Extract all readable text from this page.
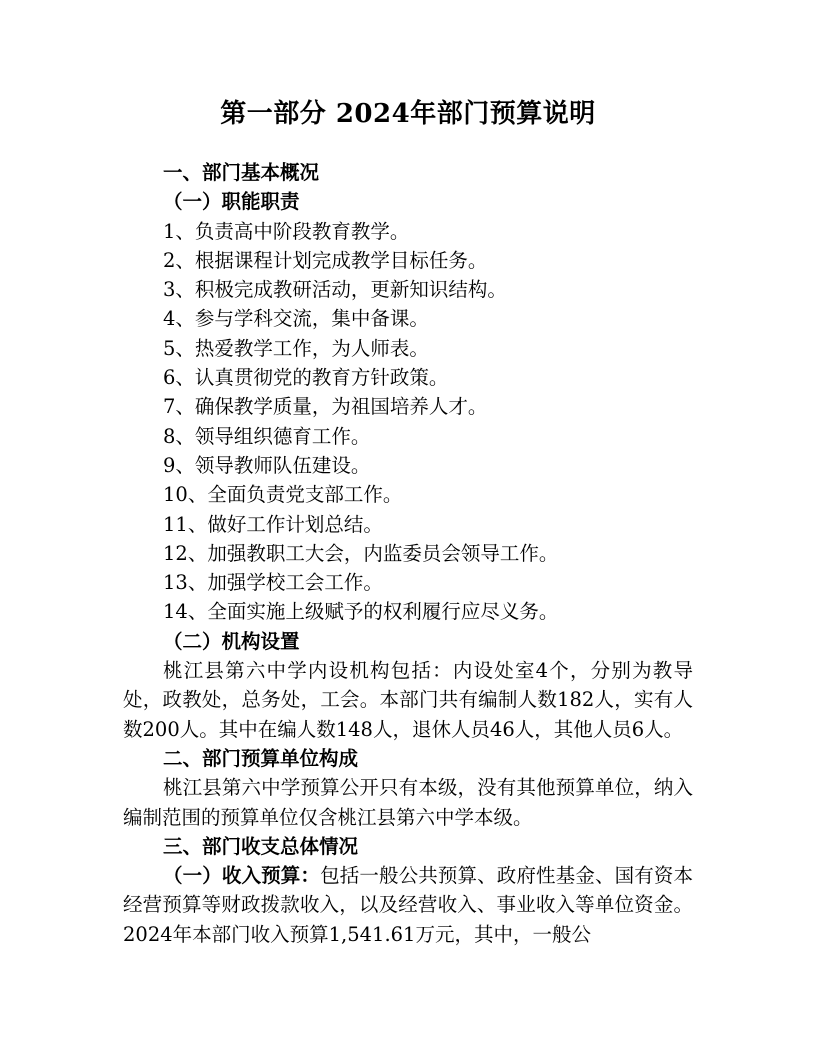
第一部分 2024年部门预算说明

一、部门基本概况

（一）职能职责

1、负责高中阶段教育教学。

2、根据课程计划完成教学目标任务。

3、积极完成教研活动，更新知识结构。

4、参与学科交流，集中备课。

5、热爱教学工作，为人师表。

6、认真贯彻党的教育方针政策。

7、确保教学质量，为祖国培养人才。

8、领导组织德育工作。

9、领导教师队伍建设。

10、全面负责党支部工作。

11、做好工作计划总结。

12、加强教职工大会，内监委员会领导工作。

13、加强学校工会工作。

14、全面实施上级赋予的权利履行应尽义务。

（二）机构设置

桃江县第六中学内设机构包括：内设处室4个，分别为教导处，政教处，总务处，工会。本部门共有编制人数182人，实有人数200人。其中在编人数148人，退休人员46人，其他人员6人。

二、部门预算单位构成

桃江县第六中学预算公开只有本级，没有其他预算单位，纳入编制范围的预算单位仅含桃江县第六中学本级。

三、部门收支总体情况

（一）收入预算：包括一般公共预算、政府性基金、国有资本经营预算等财政拨款收入，以及经营收入、事业收入等单位资金。2024年本部门收入预算1,541.61万元，其中，一般公
